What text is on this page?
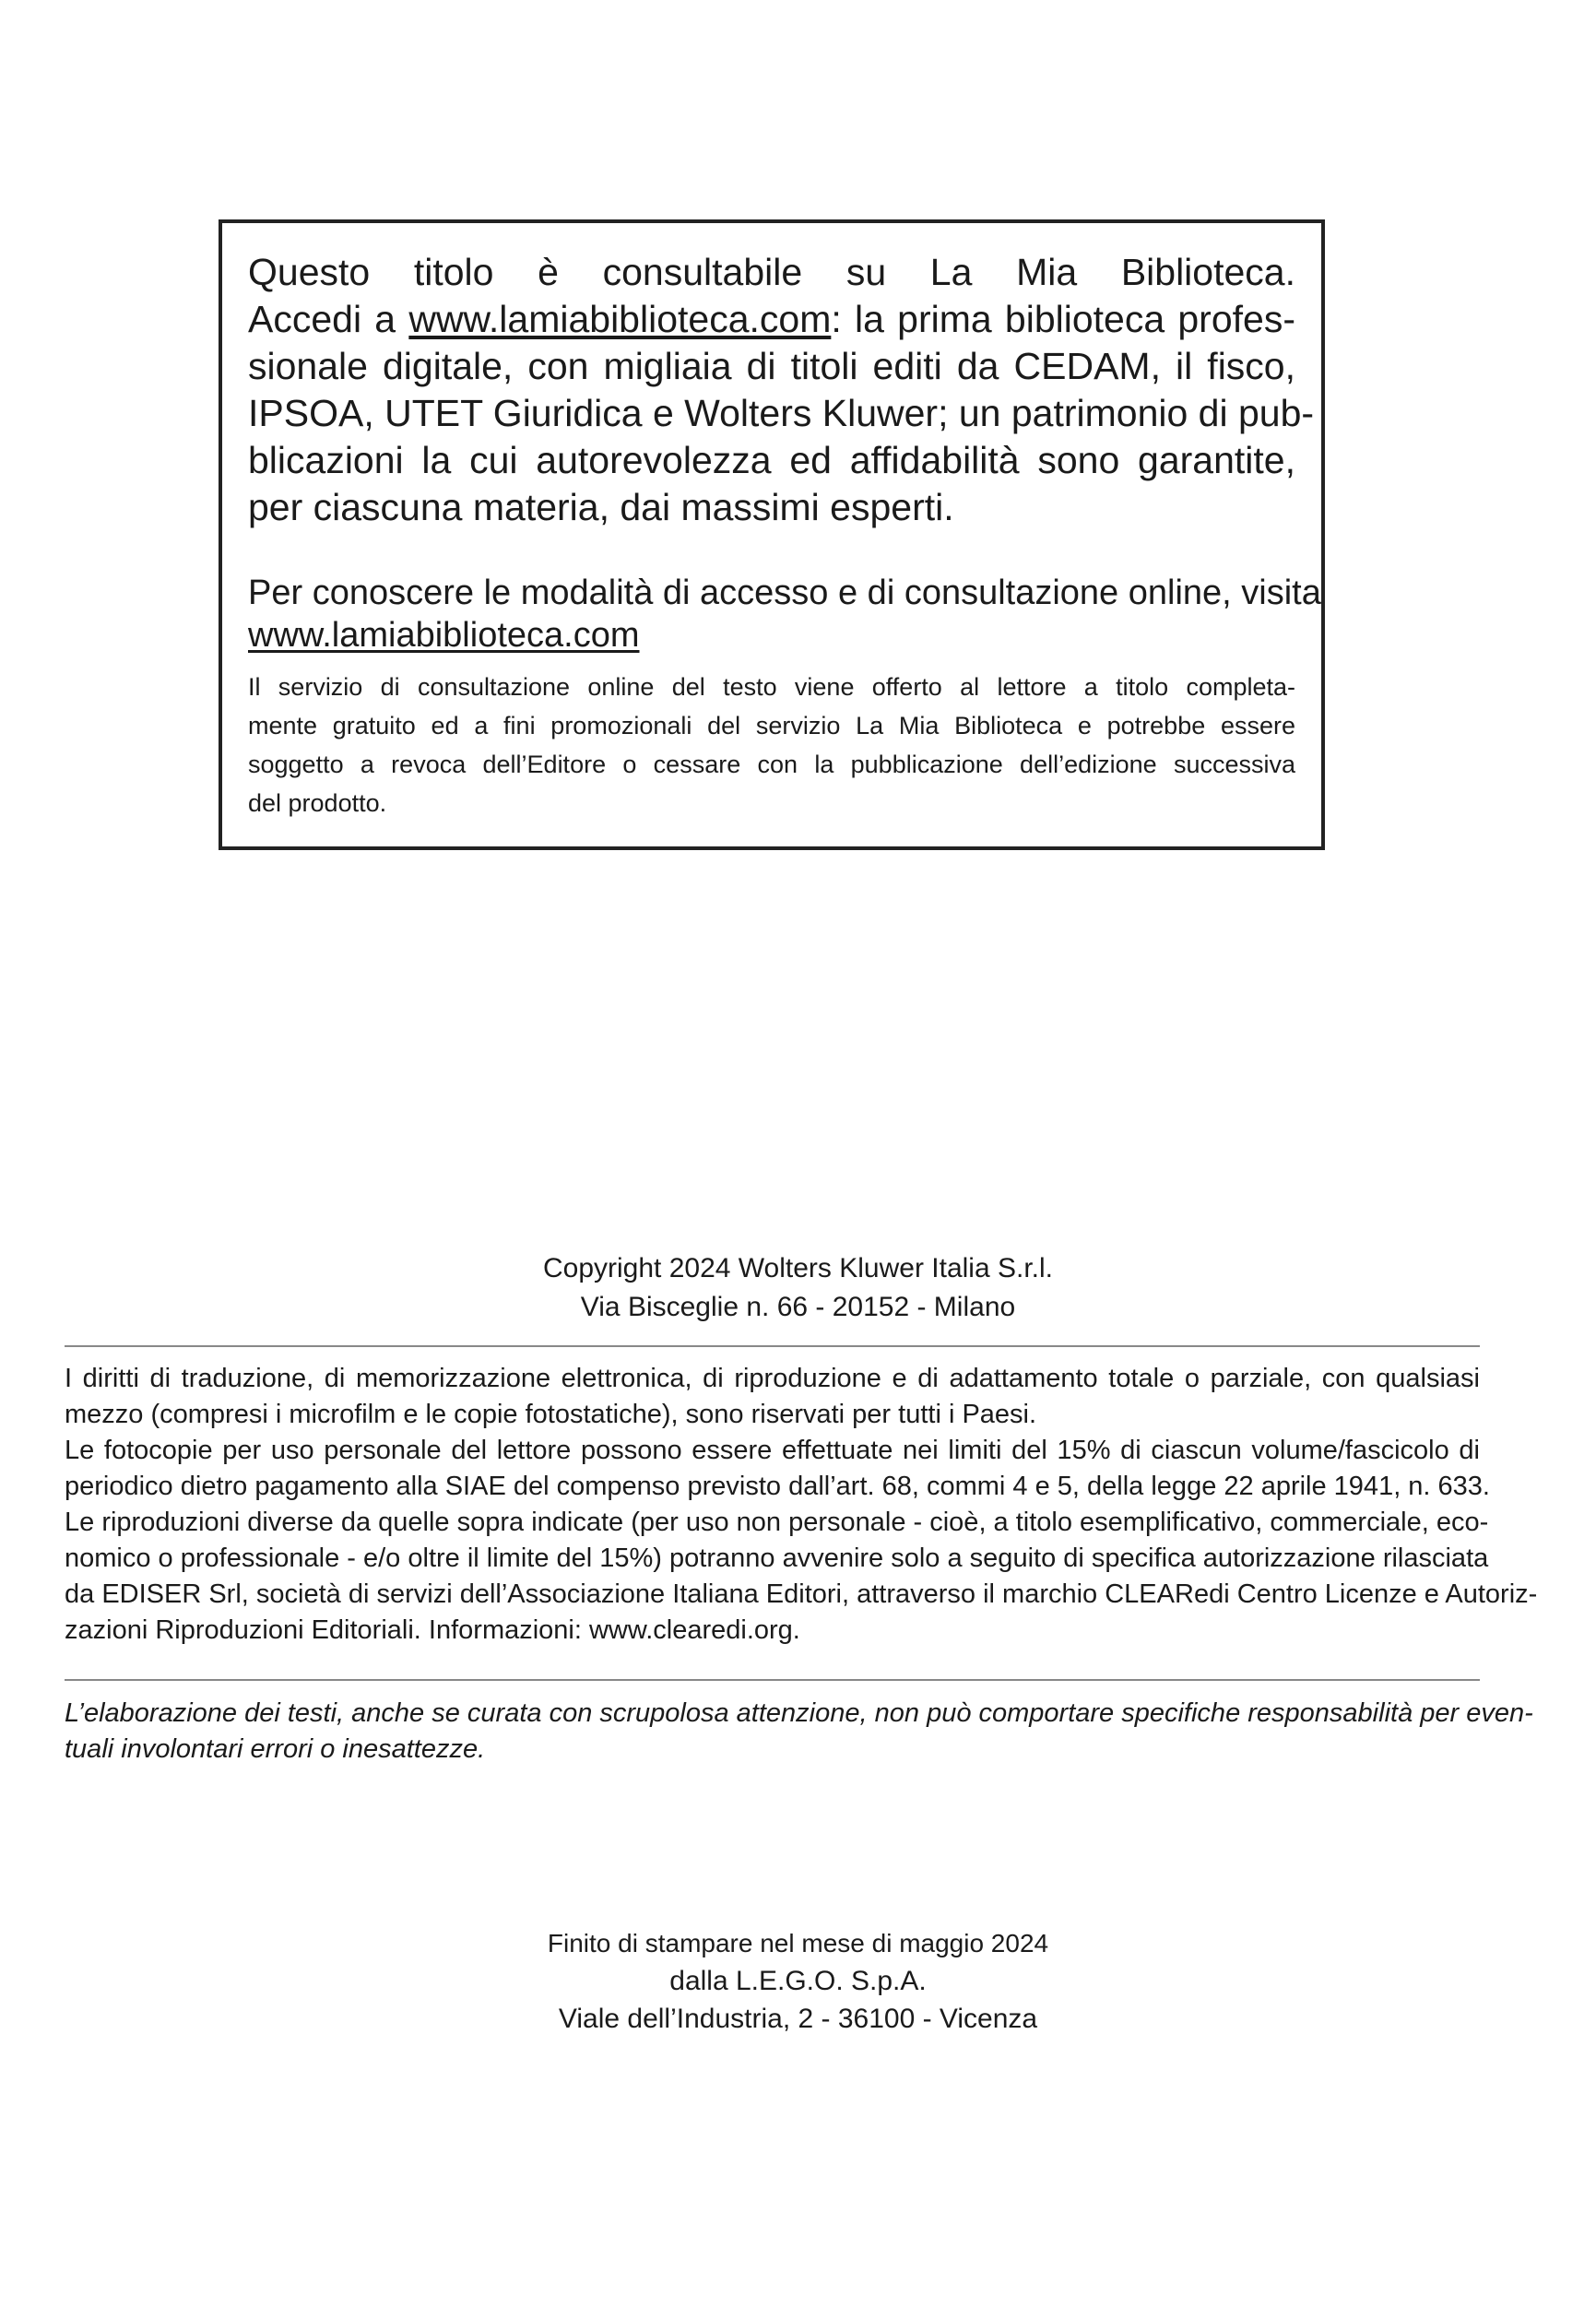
Questo titolo è consultabile su La Mia Biblioteca.
Accedi a www.lamiabiblioteca.com: la prima biblioteca profes-
sionale digitale, con migliaia di titoli editi da CEDAM, il fisco,
IPSOA, UTET Giuridica e Wolters Kluwer; un patrimonio di pub-
blicazioni la cui autorevolezza ed affidabilità sono garantite,
per ciascuna materia, dai massimi esperti.

Per conoscere le modalità di accesso e di consultazione online, visita
www.lamiabiblioteca.com

Il servizio di consultazione online del testo viene offerto al lettore a titolo completa-
mente gratuito ed a fini promozionali del servizio La Mia Biblioteca e potrebbe essere
soggetto a revoca dell’Editore o cessare con la pubblicazione dell’edizione successiva
del prodotto.

Copyright 2024 Wolters Kluwer Italia S.r.l.
Via Bisceglie n. 66 - 20152 - Milano
I diritti di traduzione, di memorizzazione elettronica, di riproduzione e di adattamento totale o parziale, con qualsiasi
mezzo (compresi i microfilm e le copie fotostatiche), sono riservati per tutti i Paesi.
Le fotocopie per uso personale del lettore possono essere effettuate nei limiti del 15% di ciascun volume/fascicolo di
periodico dietro pagamento alla SIAE del compenso previsto dall’art. 68, commi 4 e 5, della legge 22 aprile 1941, n. 633.
Le riproduzioni diverse da quelle sopra indicate (per uso non personale - cioè, a titolo esemplificativo, commerciale, eco-
nomico o professionale - e/o oltre il limite del 15%) potranno avvenire solo a seguito di specifica autorizzazione rilasciata
da EDISER Srl, società di servizi dell’Associazione Italiana Editori, attraverso il marchio CLEARedi Centro Licenze e Autoriz-
zazioni Riproduzioni Editoriali. Informazioni: www.clearedi.org.
L’elaborazione dei testi, anche se curata con scrupolosa attenzione, non può comportare specifiche responsabilità per even-
tuali involontari errori o inesattezze.
Finito di stampare nel mese di maggio 2024
dalla L.E.G.O. S.p.A.
Viale dell’Industria, 2 - 36100 - Vicenza
